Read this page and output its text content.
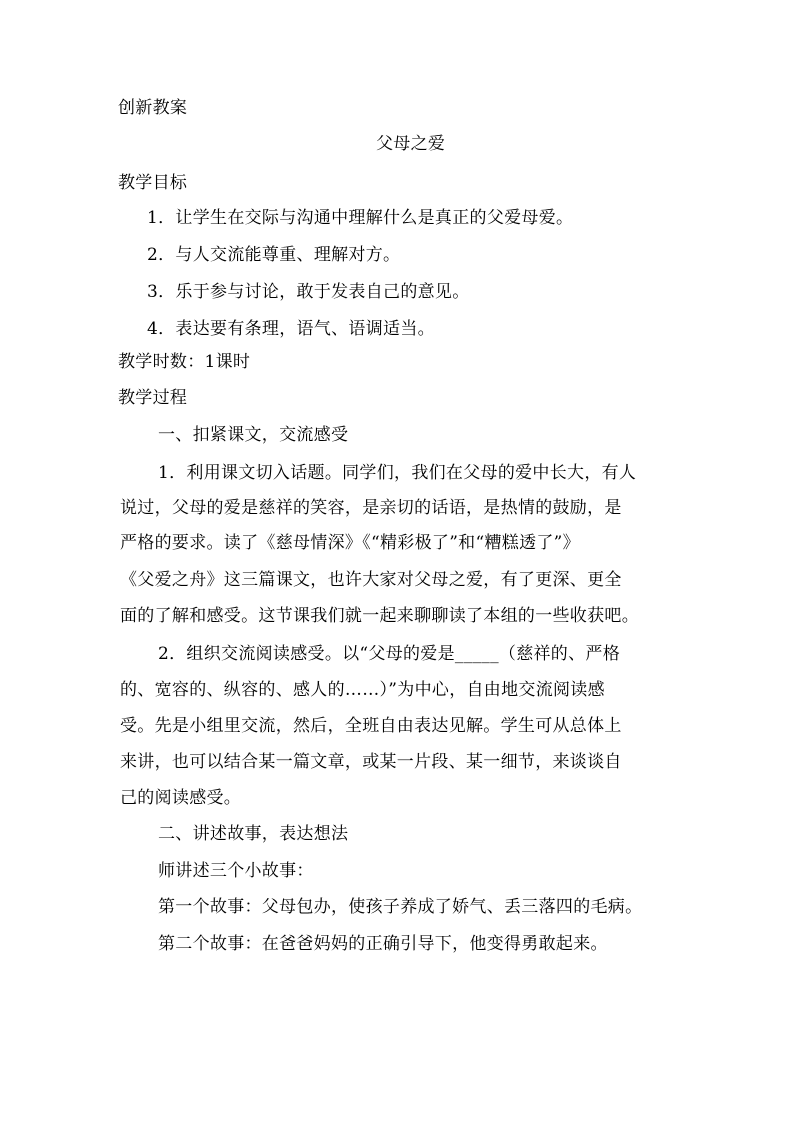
创新教案
父母之爱
教学目标
1．让学生在交际与沟通中理解什么是真正的父爱母爱。
2．与人交流能尊重、理解对方。
3．乐于参与讨论，敢于发表自己的意见。
4．表达要有条理，语气、语调适当。
教学时数：1课时
教学过程
一、扣紧课文，交流感受
1．利用课文切入话题。同学们，我们在父母的爱中长大，有人
说过，父母的爱是慈祥的笑容，是亲切的话语，是热情的鼓励，是
严格的要求。读了《慈母情深》《“精彩极了”和“糟糕透了”》
《父爱之舟》这三篇课文，也许大家对父母之爱，有了更深、更全
面的了解和感受。这节课我们就一起来聊聊读了本组的一些收获吧。
2．组织交流阅读感受。以“父母的爱是_____（慈祥的、严格
的、宽容的、纵容的、感人的……）”为中心，自由地交流阅读感
受。先是小组里交流，然后，全班自由表达见解。学生可从总体上
来讲，也可以结合某一篇文章，或某一片段、某一细节，来谈谈自
己的阅读感受。
二、讲述故事，表达想法
师讲述三个小故事：
第一个故事：父母包办，使孩子养成了娇气、丢三落四的毛病。
第二个故事：在爸爸妈妈的正确引导下，他变得勇敢起来。
